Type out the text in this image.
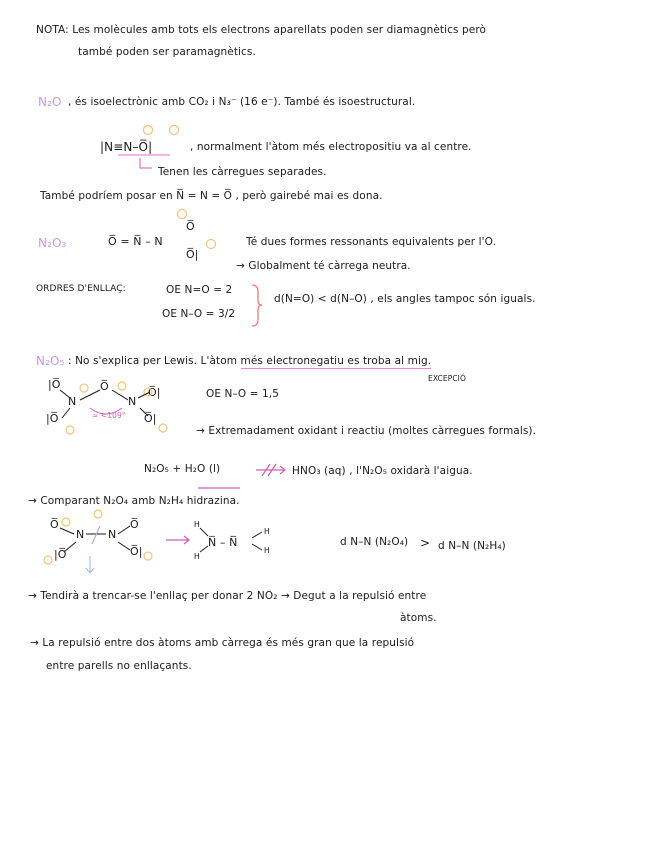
NOTA: Les molècules amb tots els electrons aparellats poden ser diamagnètics però
també poden ser paramagnètics.
N₂O , és isoelectrònic amb CO₂ i N₃⁻ (16 e⁻). També és isoestructural.
|N≡N–O̅|	, normalment l'àtom més electropositiu va al centre.
Tenen les càrregues separades.
També podríem posar en N̅ = N = O̅ , però gairebé mai es dona.
N₂O₃	O̅ = N̅ – N
O̅
O̅|
Té dues formes ressonants equivalents per l'O.
→ Globalment té càrrega neutra.
ORDRES D'ENLLAÇ:	OE N=O = 2
OE N–O = 3/2
d(N=O) < d(N–O) , els angles tampoc són iguals.
N₂O₅ : No s'explica per Lewis. L'àtom més electronegatiu es troba al mig.
EXCEPCIÓ
|O̅
N
O̅
N
O̅|
|O̅	O̅|
≈ <109°
OE N–O = 1,5
→ Extremadament oxidant i reactiu (moltes càrregues formals).
N₂O₅ + H₂O (l)	HNO₃ (aq) , l'N₂O₅ oxidarà l'aigua.
→ Comparant N₂O₄ amb N₂H₄ hidrazina.
O̅
N
|O̅
N
O̅
O̅|
N̅ – N̅
H
H
H
H
d N–N (N₂O₄) > d N–N (N₂H₄)
→ Tendirà a trencar-se l'enllaç per donar 2 NO₂ → Degut a la repulsió entre
àtoms.
→ La repulsió entre dos àtoms amb càrrega és més gran que la repulsió
entre parells no enllaçants.
